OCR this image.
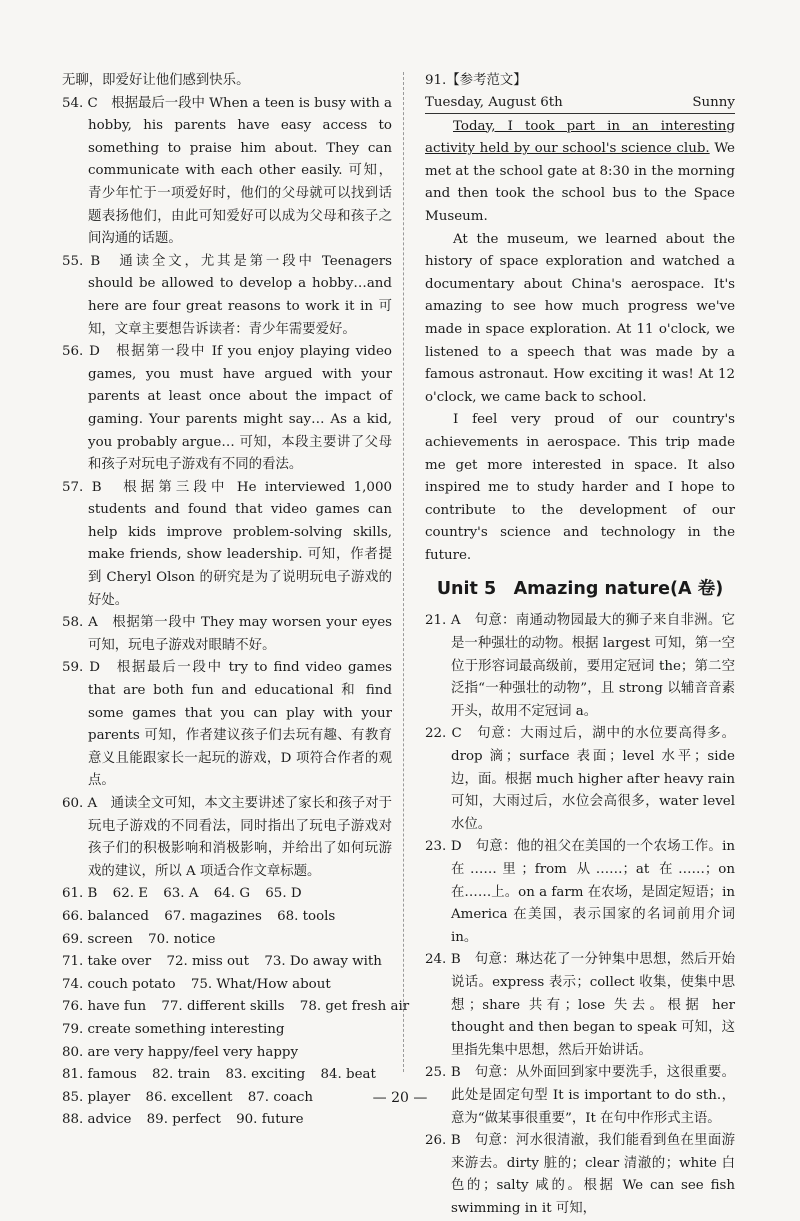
无聊，即爱好让他们感到快乐。

54. C　根据最后一段中 When a teen is busy with a hobby, his parents have easy access to something to praise him about. They can communicate with each other easily. 可知，青少年忙于一项爱好时，他们的父母就可以找到话题表扬他们，由此可知爱好可以成为父母和孩子之间沟通的话题。

55. B　通读全文，尤其是第一段中 Teenagers should be allowed to develop a hobby…and here are four great reasons to work it in 可知，文章主要想告诉读者：青少年需要爱好。

56. D　根据第一段中 If you enjoy playing video games, you must have argued with your parents at least once about the impact of gaming. Your parents might say… As a kid, you probably argue… 可知，本段主要讲了父母和孩子对玩电子游戏有不同的看法。

57. B　根据第三段中 He interviewed 1,000 students and found that video games can help kids improve problem-solving skills, make friends, show leadership. 可知，作者提到 Cheryl Olson 的研究是为了说明玩电子游戏的好处。

58. A　根据第一段中 They may worsen your eyes 可知，玩电子游戏对眼睛不好。

59. D　根据最后一段中 try to find video games that are both fun and educational 和 find some games that you can play with your parents 可知，作者建议孩子们去玩有趣、有教育意义且能跟家长一起玩的游戏，D 项符合作者的观点。

60. A　通读全文可知，本文主要讲述了家长和孩子对于玩电子游戏的不同看法，同时指出了玩电子游戏对孩子们的积极影响和消极影响，并给出了如何玩游戏的建议，所以 A 项适合作文章标题。

61. B 62. E 63. A 64. G 65. D
66. balanced 67. magazines 68. tools
69. screen 70. notice
71. take over 72. miss out 73. Do away with
74. couch potato 75. What/How about
76. have fun 77. different skills 78. get fresh air
79. create something interesting
80. are very happy/feel very happy
81. famous 82. train 83. exciting 84. beat
85. player 86. excellent 87. coach
88. advice 89. perfect 90. future
91.【参考范文】
Tuesday, August 6th	Sunny

Today, I took part in an interesting activity held by our school's science club. We met at the school gate at 8:30 in the morning and then took the school bus to the Space Museum.

At the museum, we learned about the history of space exploration and watched a documentary about China's aerospace. It's amazing to see how much progress we've made in space exploration. At 11 o'clock, we listened to a speech that was made by a famous astronaut. How exciting it was! At 12 o'clock, we came back to school.

I feel very proud of our country's achievements in aerospace. This trip made me get more interested in space. It also inspired me to study harder and I hope to contribute to the development of our country's science and technology in the future.

Unit 5　Amazing nature(A 卷)

21. A　句意：南通动物园最大的狮子来自非洲。它是一种强壮的动物。根据 largest 可知，第一空位于形容词最高级前，要用定冠词 the；第二空泛指“一种强壮的动物”，且 strong 以辅音音素开头，故用不定冠词 a。

22. C　句意：大雨过后，湖中的水位要高得多。drop 滴；surface 表面；level 水平；side 边，面。根据 much higher after heavy rain 可知，大雨过后，水位会高很多，water level 水位。

23. D　句意：他的祖父在美国的一个农场工作。in 在……里；from 从……；at 在……；on 在……上。on a farm 在农场，是固定短语；in America 在美国，表示国家的名词前用介词 in。

24. B　句意：琳达花了一分钟集中思想，然后开始说话。express 表示；collect 收集，使集中思想；share 共有；lose 失去。根据 her thought and then began to speak 可知，这里指先集中思想，然后开始讲话。

25. B　句意：从外面回到家中要洗手，这很重要。此处是固定句型 It is important to do sth.，意为“做某事很重要”，It 在句中作形式主语。

26. B　句意：河水很清澈，我们能看到鱼在里面游来游去。dirty 脏的；clear 清澈的；white 白色的；salty 咸的。根据 We can see fish swimming in it 可知，

— 20 —
